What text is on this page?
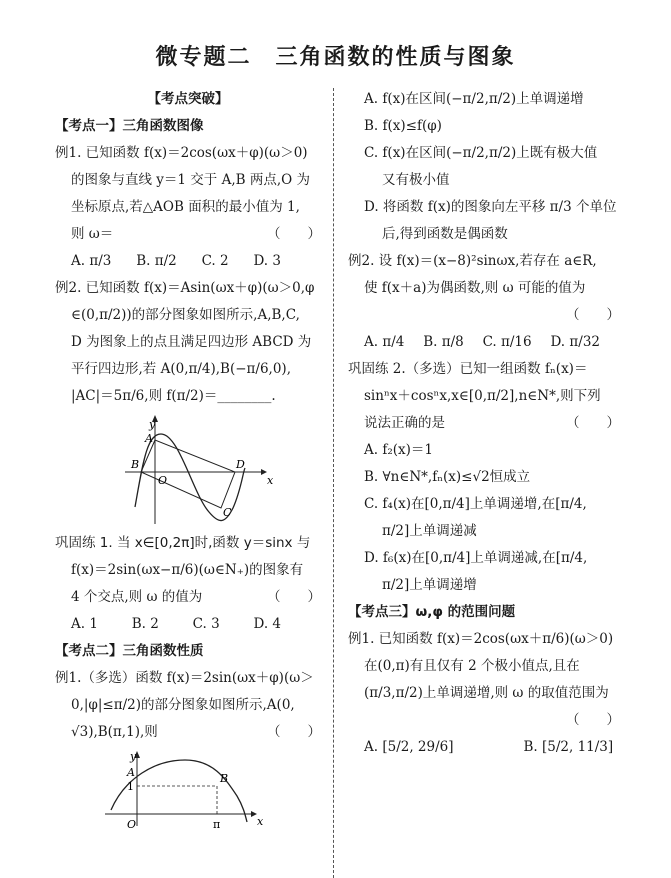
微专题二　三角函数的性质与图象
【考点突破】
【考点一】三角函数图像
例1. 已知函数 f(x)＝2cos(ωx＋φ)(ω＞0)
的图象与直线 y＝1 交于 A,B 两点,O 为
坐标原点,若△AOB 面积的最小值为 1,
则 ω＝	（　　）
A. π/3 B. π/2 C. 2 D. 3
例2. 已知函数 f(x)＝Asin(ωx＋φ)(ω＞0,φ
∈(0,π/2))的部分图象如图所示,A,B,C,
D 为图象上的点且满足四边形 ABCD 为
平行四边形,若 A(0,π/4),B(−π/6,0),
|AC|＝5π/6,则 f(π/2)＝________.
y
x
A
B
C
D
O
巩固练 1. 当 x∈[0,2π]时,函数 y＝sinx 与
f(x)＝2sin(ωx−π/6)(ω∈N₊)的图象有
4 个交点,则 ω 的值为	（　　）
A. 1	B. 2	C. 3	D. 4
【考点二】三角函数性质
例1.（多选）函数 f(x)＝2sin(ωx＋φ)(ω＞
0,|φ|≤π/2)的部分图象如图所示,A(0,
√3),B(π,1),则	（　　）
y
x
A	B
O
1
π
A. f(x)在区间(−π/2,π/2)上单调递增
B. f(x)≤f(φ)
C. f(x)在区间(−π/2,π/2)上既有极大值
又有极小值
D. 将函数 f(x)的图象向左平移 π/3 个单位
后,得到函数是偶函数
例2. 设 f(x)＝(x−8)²sinωx,若存在 a∈R,
使 f(x＋a)为偶函数,则 ω 可能的值为
（　　）
A. π/4 B. π/8 C. π/16 D. π/32
巩固练 2.（多选）已知一组函数 fₙ(x)＝
sinⁿx＋cosⁿx,x∈[0,π/2],n∈N*,则下列
说法正确的是	（　　）
A. f₂(x)＝1
B. ∀n∈N*,fₙ(x)≤√2恒成立
C. f₄(x)在[0,π/4]上单调递增,在[π/4,
π/2]上单调递减
D. f₆(x)在[0,π/4]上单调递减,在[π/4,
π/2]上单调递增
【考点三】ω,φ 的范围问题
例1. 已知函数 f(x)＝2cos(ωx＋π/6)(ω＞0)
在(0,π)有且仅有 2 个极小值点,且在
(π/3,π/2)上单调递增,则 ω 的取值范围为
（　　）
A. [5/2, 29/6]	B. [5/2, 11/3]
